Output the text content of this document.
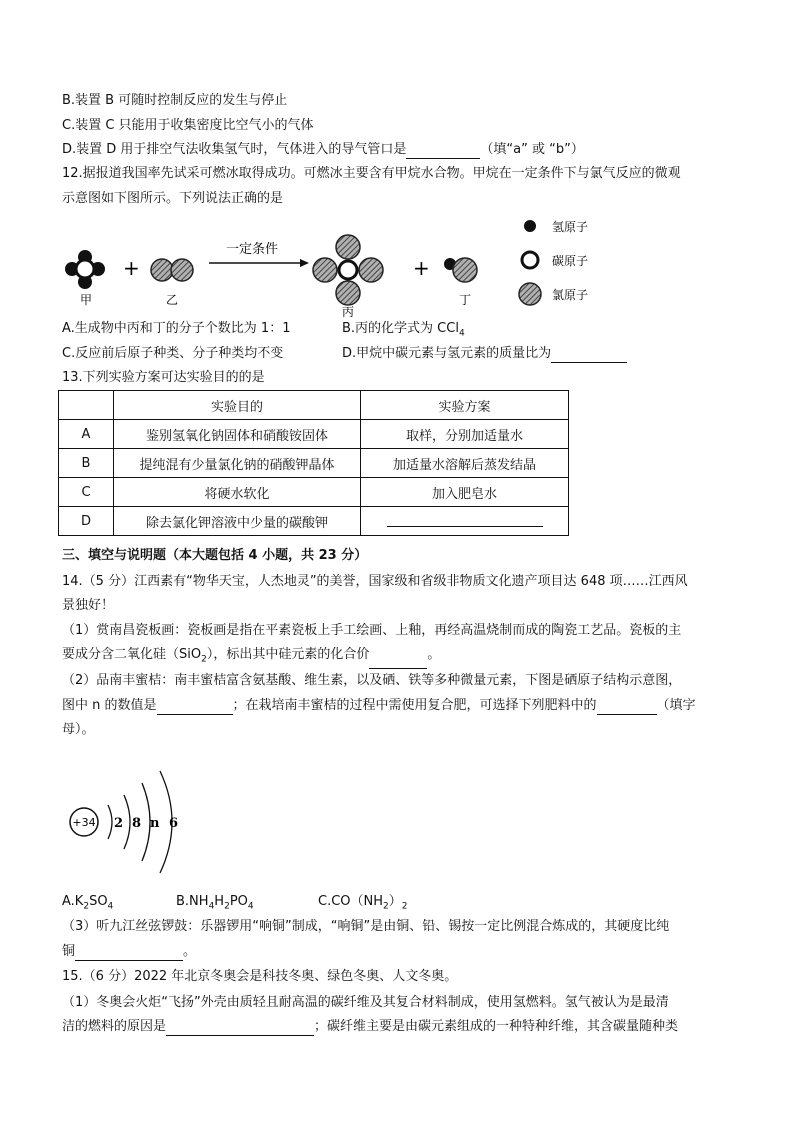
B.装置 B 可随时控制反应的发生与停止
C.装置 C 只能用于收集密度比空气小的气体
D.装置 D 用于排空气法收集氢气时，气体进入的导气管口是	（填“a” 或 “b”）
12.据报道我国率先试采可燃冰取得成功。可燃冰主要含有甲烷水合物。甲烷在一定条件下与氯气反应的微观
示意图如下图所示。下列说法正确的是
+
一定条件
+
甲	乙
丙
丁
氢原子
碳原子
氯原子
A.生成物中丙和丁的分子个数比为 1：1	B.丙的化学式为 CCl$_4$
C.反应前后原子种类、分子种类均不变	D.甲烷中碳元素与氢元素的质量比为
13.下列实验方案可达实验目的的是
	实验目的	实验方案
A	鉴别氢氧化钠固体和硝酸铵固体	取样，分别加适量水
B	提纯混有少量氯化钠的硝酸钾晶体	加适量水溶解后蒸发结晶
C	将硬水软化	加入肥皂水
D	除去氯化钾溶液中少量的碳酸钾	
三、填空与说明题（本大题包括 4 小题，共 23 分）
14.（5 分）江西素有“物华天宝，人杰地灵”的美誉，国家级和省级非物质文化遗产项目达 648 项……江西风
景独好！
（1）赏南昌瓷板画：瓷板画是指在平素瓷板上手工绘画、上釉，再经高温烧制而成的陶瓷工艺品。瓷板的主
要成分含二氧化硅（SiO$_2$），标出其中硅元素的化合价	。
（2）品南丰蜜桔：南丰蜜桔富含氨基酸、维生素，以及硒、铁等多种微量元素，下图是硒原子结构示意图，
图中 n 的数值是	；在栽培南丰蜜桔的过程中需使用复合肥，可选择下列肥料中的	（填字
母）。
+34 2 8 n 6
$A.K_2SO_4$	$B.NH_4H_2PO_4$	$C.CO(NH_2)_2$
（3）听九江丝弦锣鼓：乐器锣用“响铜”制成，“响铜”是由铜、铅、锡按一定比例混合炼成的，其硬度比纯
铜	。
15.（6 分）2022 年北京冬奥会是科技冬奥、绿色冬奥、人文冬奥。
（1）冬奥会火炬“飞扬”外壳由质轻且耐高温的碳纤维及其复合材料制成，使用氢燃料。氢气被认为是最清
洁的燃料的原因是	；碳纤维主要是由碳元素组成的一种特种纤维，其含碳量随种类
